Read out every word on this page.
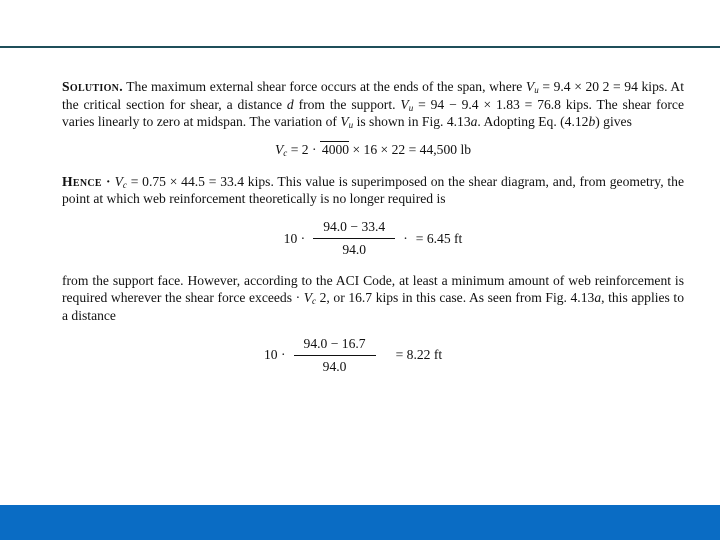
Solution. The maximum external shear force occurs at the ends of the span, where $V_u = 9.4 \times 20$ 2 = 94 kips. At the critical section for shear, a distance d from the support. $V_u = 94 - 9.4 \times 1.83 = 76.8$ kips. The shear force varies linearly to zero at midspan. The variation of $V_u$ is shown in Fig. 4.13a. Adopting Eq. (4.12b) gives

$V_c = 2 \cdot 4000 \times 16 \times 22 = 44,500$ lb

Hence · $V_c = 0.75 \times 44.5 = 33.4$ kips. This value is superimposed on the shear diagram, and, from geometry, the point at which web reinforcement theoretically is no longer required is

$10 \cdot \frac{94.0 - 33.4}{94.0}$ · = 6.45 ft

from the support face. However, according to the ACI Code, at least a minimum amount of web reinforcement is required wherever the shear force exceeds · $V_c$ 2, or 16.7 kips in this case. As seen from Fig. 4.13a, this applies to a distance

$10 \cdot \frac{94.0 - 16.7}{94.0} = 8.22$ ft
